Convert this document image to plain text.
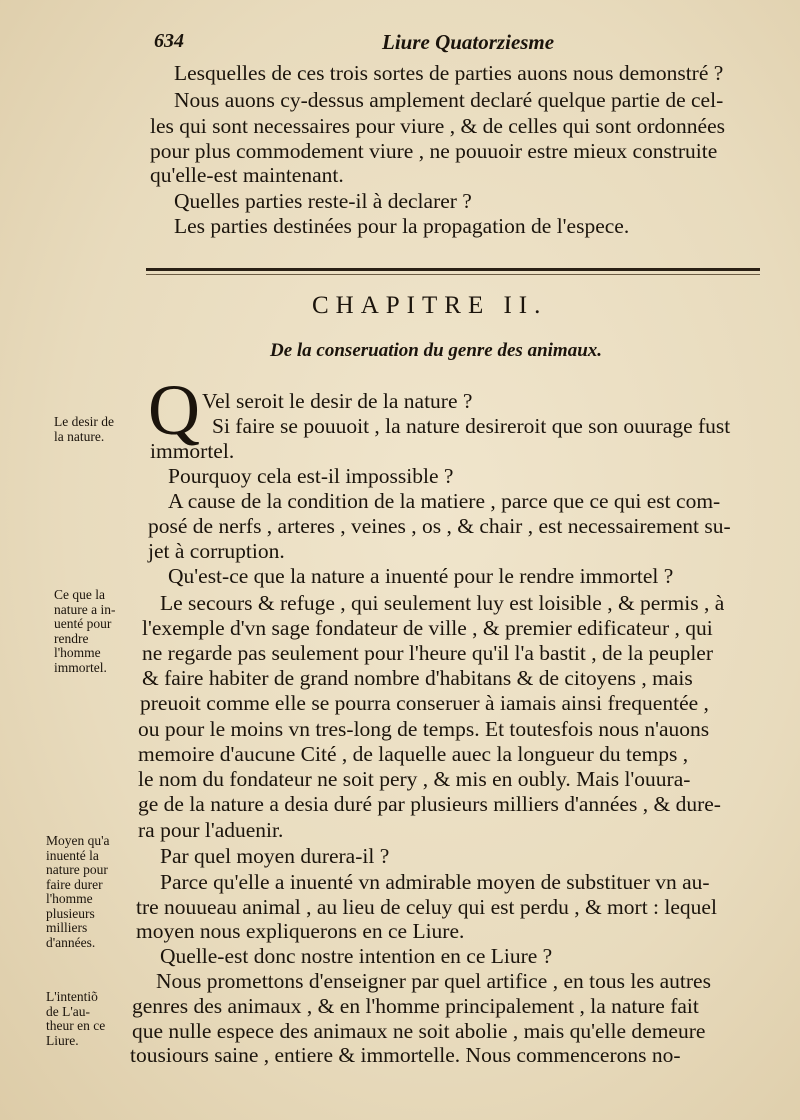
634	Liure Quatorziesme
Lesquelles de ces trois sortes de parties auons nous demonstré ?
Nous auons cy-dessus amplement declaré quelque partie de cel-
les qui sont necessaires pour viure , & de celles qui sont ordonnées
pour plus commodement viure , ne pouuoir estre mieux construite
qu'elle-est maintenant.
Quelles parties reste-il à declarer ?
Les parties destinées pour la propagation de l'espece.
CHAPITRE II.
De la conseruation du genre des animaux.
Q Vel seroit le desir de la nature ?
Si faire se pouuoit , la nature desireroit que son ouurage fust
immortel.
Pourquoy cela est-il impossible ?
A cause de la condition de la matiere , parce que ce qui est com-
posé de nerfs , arteres , veines , os , & chair , est necessairement su-
jet à corruption.
Qu'est-ce que la nature a inuenté pour le rendre immortel ?
Le secours & refuge , qui seulement luy est loisible , & permis , à
l'exemple d'vn sage fondateur de ville , & premier edificateur , qui
ne regarde pas seulement pour l'heure qu'il l'a bastit , de la peupler
& faire habiter de grand nombre d'habitans & de citoyens , mais
preuoit comme elle se pourra conseruer à iamais ainsi frequentée ,
ou pour le moins vn tres-long de temps. Et toutesfois nous n'auons
memoire d'aucune Cité , de laquelle auec la longueur du temps ,
le nom du fondateur ne soit pery , & mis en oubly. Mais l'ouura-
ge de la nature a desia duré par plusieurs milliers d'années , & dure-
ra pour l'aduenir.
Par quel moyen durera-il ?
Parce qu'elle a inuenté vn admirable moyen de substituer vn au-
tre nouueau animal , au lieu de celuy qui est perdu , & mort : lequel
moyen nous expliquerons en ce Liure.
Quelle-est donc nostre intention en ce Liure ?
Nous promettons d'enseigner par quel artifice , en tous les autres
genres des animaux , & en l'homme principalement , la nature fait
que nulle espece des animaux ne soit abolie , mais qu'elle demeure
tousiours saine , entiere & immortelle. Nous commencerons no-
Le desir de
la nature.
Ce que la
nature a in-
uenté pour
rendre
l'homme
immortel.
Moyen qu'a
inuenté la
nature pour
faire durer
l'homme
plusieurs
milliers
d'années.
L'intentiõ
de L'au-
theur en ce
Liure.
